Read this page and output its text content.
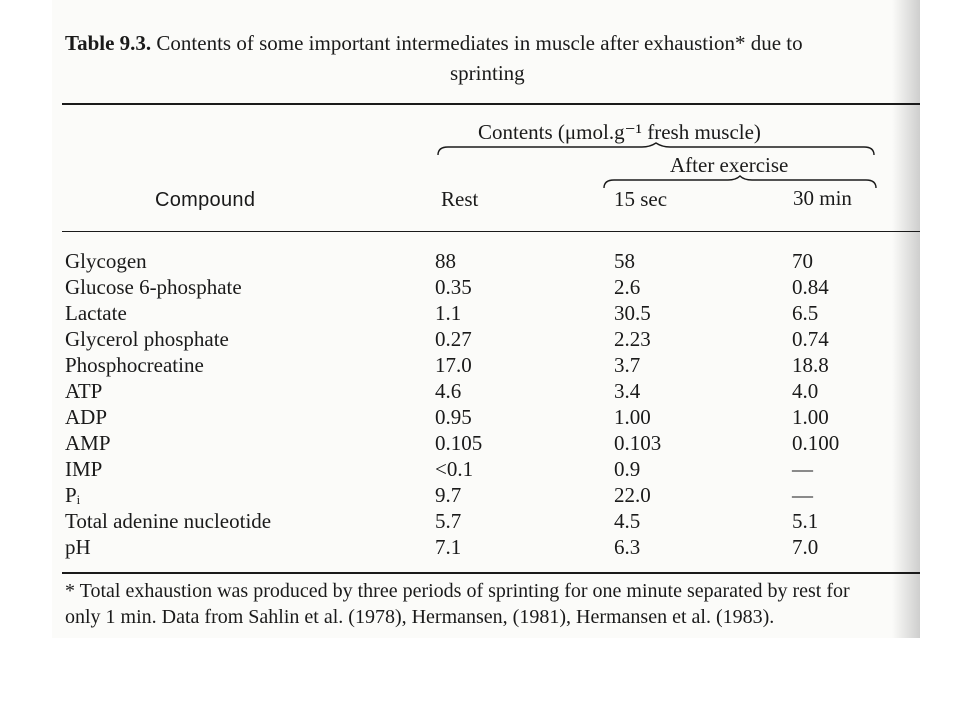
Table 9.3. Contents of some important intermediates in muscle after exhaustion* due to
sprinting
Contents (μmol.g⁻¹ fresh muscle)
After exercise
Compound	Rest	15 sec	30 min
Glycogen	88	58	70
Glucose 6-phosphate	0.35	2.6	0.84
Lactate	1.1	30.5	6.5
Glycerol phosphate	0.27	2.23	0.74
Phosphocreatine	17.0	3.7	18.8
ATP	4.6	3.4	4.0
ADP	0.95	1.00	1.00
AMP	0.105	0.103	0.100
IMP	<0.1	0.9	—
Pᵢ	9.7	22.0	—
Total adenine nucleotide	5.7	4.5	5.1
pH	7.1	6.3	7.0
* Total exhaustion was produced by three periods of sprinting for one minute separated by rest for
only 1 min. Data from Sahlin et al. (1978), Hermansen, (1981), Hermansen et al. (1983).
